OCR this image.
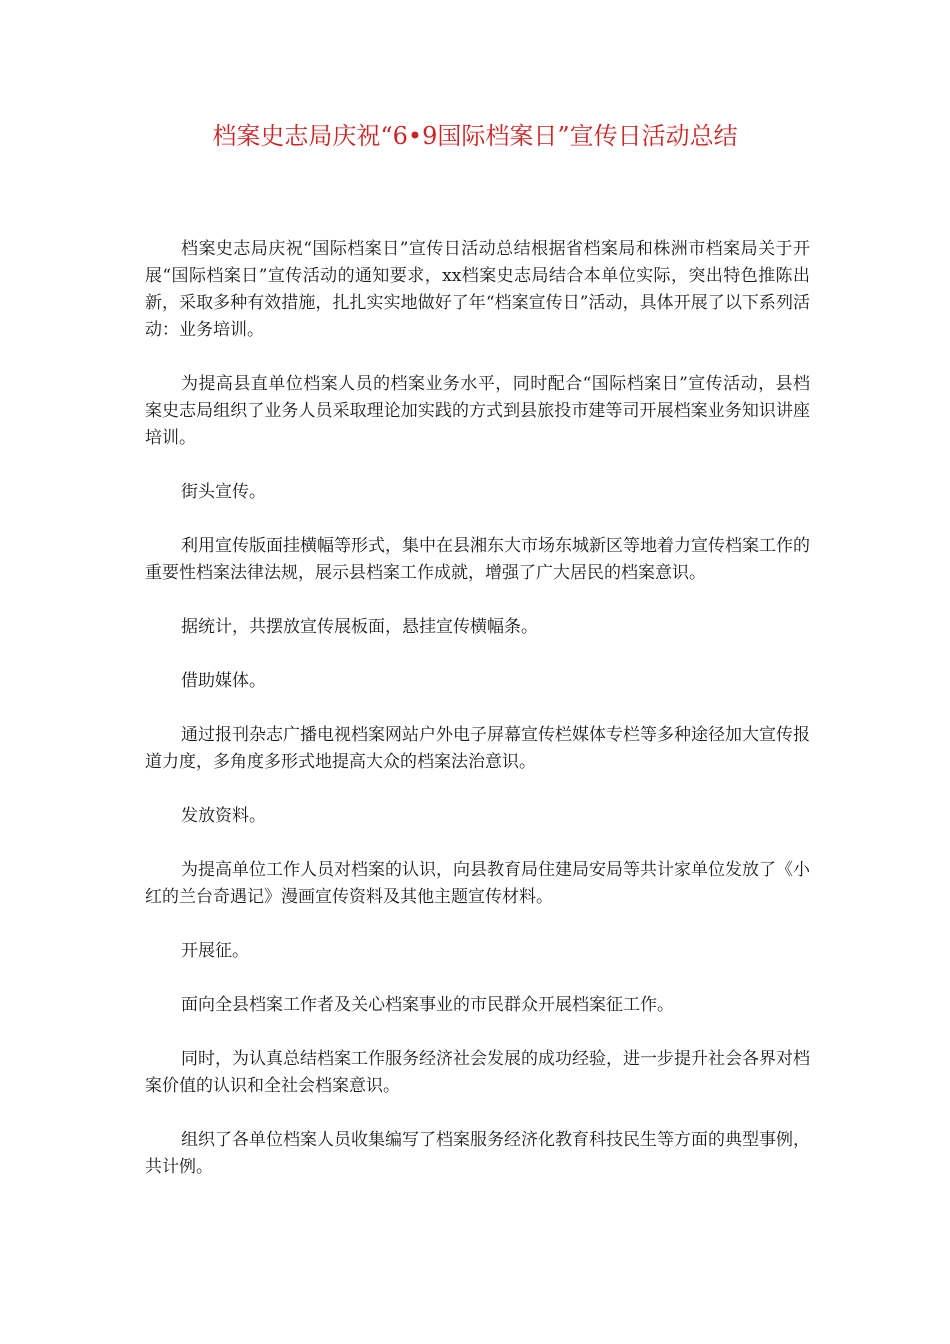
档案史志局庆祝“6•9国际档案日”宣传日活动总结

档案史志局庆祝“国际档案日”宣传日活动总结根据省档案局和株洲市档案局关于开展“国际档案日”宣传活动的通知要求，xx档案史志局结合本单位实际，突出特色推陈出新，采取多种有效措施，扎扎实实地做好了年“档案宣传日”活动，具体开展了以下系列活动：业务培训。

为提高县直单位档案人员的档案业务水平，同时配合“国际档案日”宣传活动，县档案史志局组织了业务人员采取理论加实践的方式到县旅投市建等司开展档案业务知识讲座培训。

街头宣传。

利用宣传版面挂横幅等形式，集中在县湘东大市场东城新区等地着力宣传档案工作的重要性档案法律法规，展示县档案工作成就，增强了广大居民的档案意识。

据统计，共摆放宣传展板面，悬挂宣传横幅条。

借助媒体。

通过报刊杂志广播电视档案网站户外电子屏幕宣传栏媒体专栏等多种途径加大宣传报道力度，多角度多形式地提高大众的档案法治意识。

发放资料。

为提高单位工作人员对档案的认识，向县教育局住建局安局等共计家单位发放了《小红的兰台奇遇记》漫画宣传资料及其他主题宣传材料。

开展征。

面向全县档案工作者及关心档案事业的市民群众开展档案征工作。

同时，为认真总结档案工作服务经济社会发展的成功经验，进一步提升社会各界对档案价值的认识和全社会档案意识。

组织了各单位档案人员收集编写了档案服务经济化教育科技民生等方面的典型事例，共计例。
